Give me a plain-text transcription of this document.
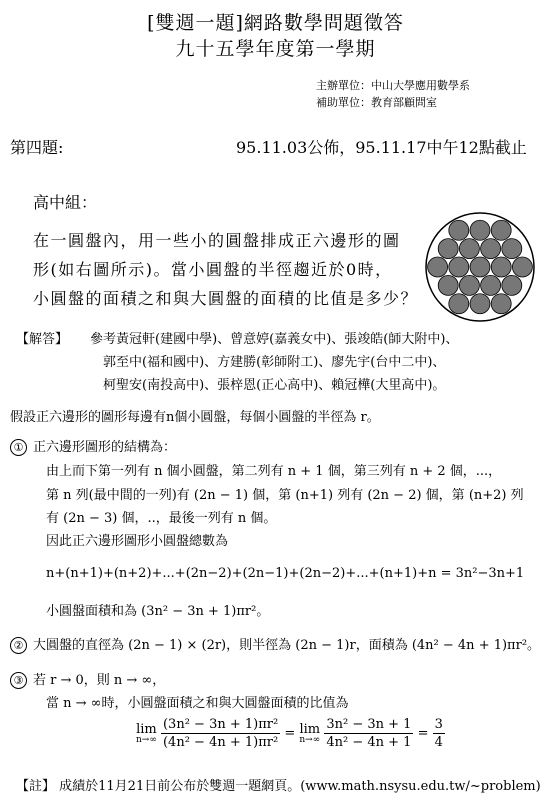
[雙週一題]網路數學問題徵答
九十五學年度第一學期
主辦單位：中山大學應用數學系
補助單位：教育部顧問室
第四題:	95.11.03公佈，95.11.17中午12點截止
高中組：
在一圓盤內，用一些小的圓盤排成正六邊形的圖
形(如右圖所示)。當小圓盤的半徑趨近於0時，
小圓盤的面積之和與大圓盤的面積的比值是多少？
【解答】 參考黃冠軒(建國中學)、曾意婷(嘉義女中)、張竣皓(師大附中)、
郭至中(福和國中)、方建勝(彰師附工)、廖先宇(台中二中)、
柯聖安(南投高中)、張梓恩(正心高中)、賴冠樺(大里高中)。
假設正六邊形的圖形每邊有n個小圓盤，每個小圓盤的半徑為 r。
① 正六邊形圖形的結構為：
由上而下第一列有 n 個小圓盤，第二列有 n + 1 個，第三列有 n + 2 個，...，
第 n 列(最中間的一列)有 (2n − 1) 個，第 (n+1) 列有 (2n − 2) 個，第 (n+2) 列
有 (2n − 3) 個，..，最後一列有 n 個。
因此正六邊形圖形小圓盤總數為
n+(n+1)+(n+2)+...+(2n−2)+(2n−1)+(2n−2)+...+(n+1)+n = 3n²−3n+1
小圓盤面積和為 (3n² − 3n + 1)πr²。
② 大圓盤的直徑為 (2n − 1) × (2r)，則半徑為 (2n − 1)r，面積為 (4n² − 4n + 1)πr²。
③ 若 r → 0，則 n → ∞，
當 n → ∞時，小圓盤面積之和與大圓盤面積的比值為
lim
n→∞
$\frac{\text{(3n² − 3n + 1)πr²}}{\text{(4n² − 4n + 1)πr²}} = \lim$
n→∞
$\frac{\text{3n² − 3n + 1}}{\text{4n² − 4n + 1}} = \frac{3}{4}$
【註】 成績於11月21日前公布於雙週一題網頁。(www.math.nsysu.edu.tw/~problem)
